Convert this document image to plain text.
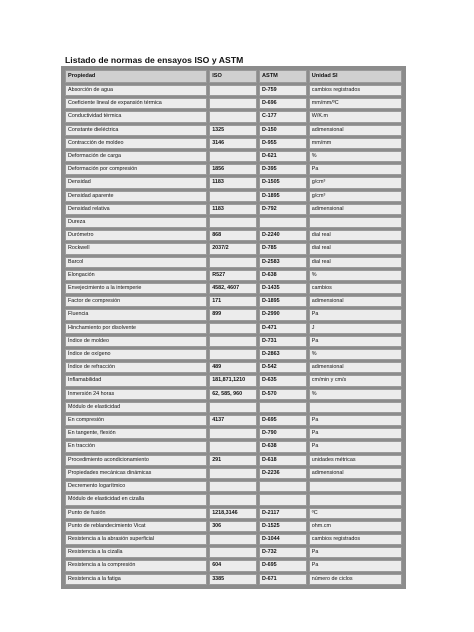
Listado de normas de ensayos ISO y ASTM
Propiedad	ISO	ASTM	Unidad SI
Absorción de agua		D-759	cambios registrados
Coeficiente lineal de expansión térmica		D-696	mm/mm/ºC
Conductividad térmica		C-177	W/K.m
Constante dieléctrica	1325	D-150	adimensional
Contracción de moldeo	3146	D-955	mm/mm
Deformación de carga		D-621	%
Deformación por compresión	1856	D-395	Pa
Densidad	1183	D-1505	g/cm³
Densidad aparente		D-1895	g/cm³
Densidad relativa	1183	D-792	adimensional
Dureza			
Durómetro	868	D-2240	dial real
Rockwell	2037/2	D-785	dial real
Barcol		D-2583	dial real
Elongación	R527	D-638	%
Envejecimiento a la intemperie	4582, 4607	D-1435	cambios
Factor de compresión	171	D-1895	adimensional
Fluencia	899	D-2990	Pa
Hinchamiento por disolvente		D-471	J
Índice de moldeo		D-731	Pa
Índice de oxígeno		D-2863	%
Índice de refracción	489	D-542	adimensional
Inflamabilidad	181,871,1210	D-635	cm/min y cm/s
Inmersión 24 horas	62, 585, 960	D-570	%
Módulo de elasticidad			
En compresión	4137	D-695	Pa
En tangente, flexión		D-790	Pa
En tracción		D-638	Pa
Procedimiento acondicionamiento	291	D-618	unidades métricas
Propiedades mecánicas dinámicas		D-2236	adimensional
Decremento logarítmico			
Módulo de elasticidad en cizalla			
Punto de fusión	1218,3146	D-2117	ºC
Punto de reblandecimiento Vicat	306	D-1525	ohm.cm
Resistencia a la abrasión superficial		D-1044	cambios registrados
Resistencia a la cizalla		D-732	Pa
Resistencia a la compresión	604	D-695	Pa
Resistencia a la fatiga	3385	D-671	número de ciclos
